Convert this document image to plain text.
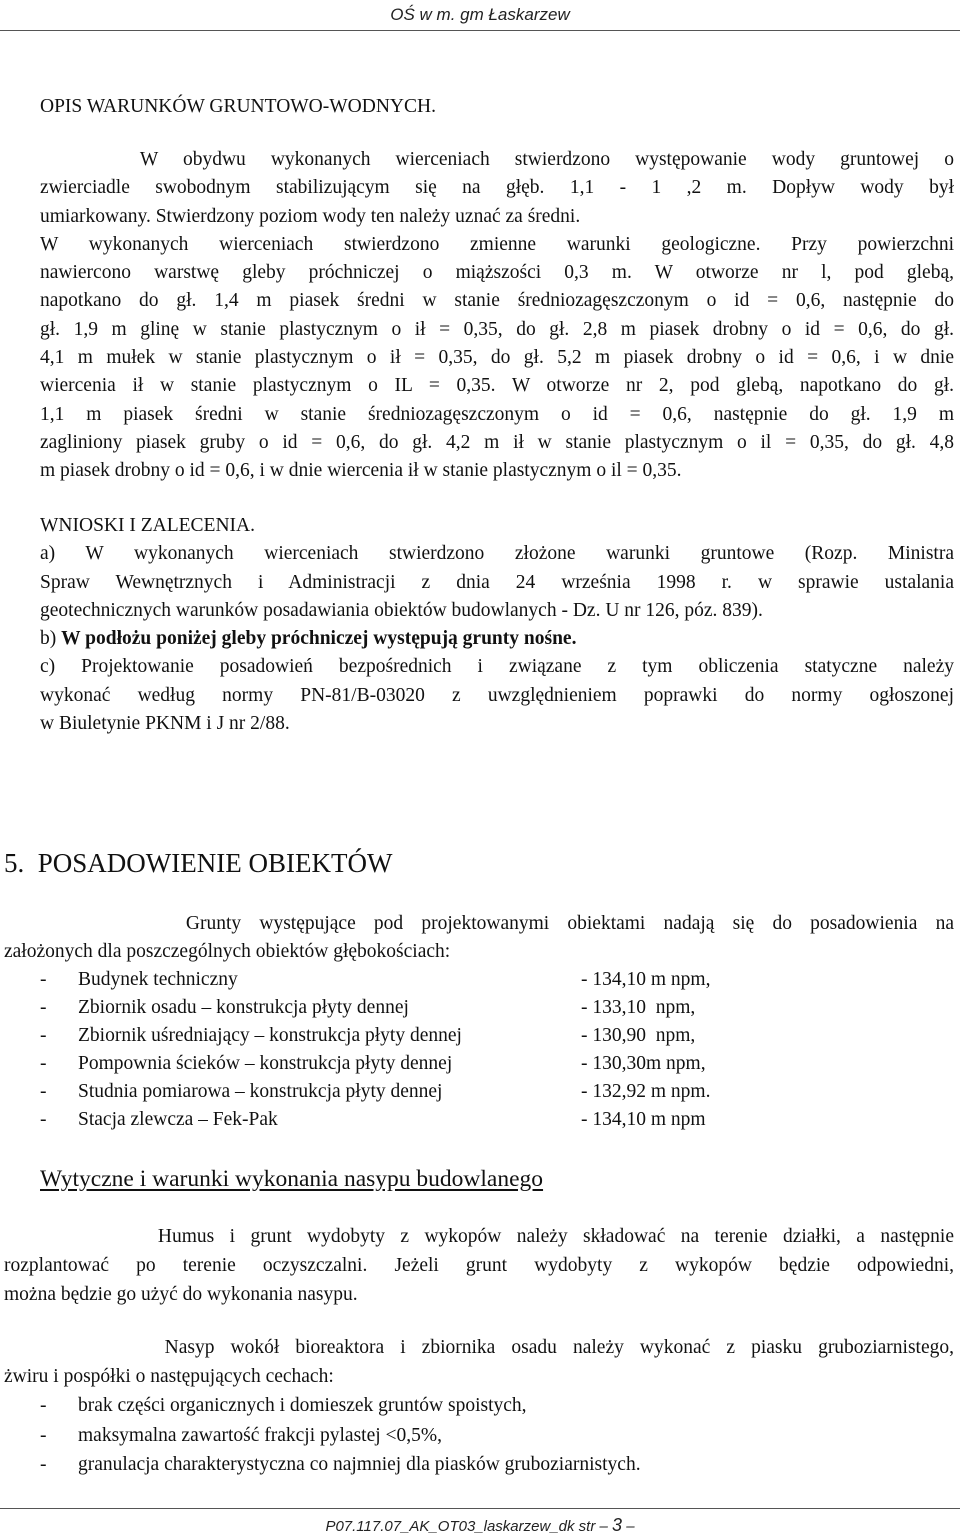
OŚ w m. gm Łaskarzew
OPIS WARUNKÓW GRUNTOWO-WODNYCH.
W obydwu wykonanych wierceniach stwierdzono występowanie wody gruntowej o
zwierciadle swobodnym stabilizującym się na głęb. 1,1 - 1 ,2 m. Dopływ wody był
umiarkowany. Stwierdzony poziom wody ten należy uznać za średni.
W wykonanych wierceniach stwierdzono zmienne warunki geologiczne. Przy powierzchni
nawiercono warstwę gleby próchniczej o miąższości 0,3 m. W otworze nr l, pod glebą,
napotkano do gł. 1,4 m piasek średni w stanie średniozagęszczonym o id = 0,6, następnie do
gł. 1,9 m glinę w stanie plastycznym o ił = 0,35, do gł. 2,8 m piasek drobny o id = 0,6, do gł.
4,1 m mułek w stanie plastycznym o ił = 0,35, do gł. 5,2 m piasek drobny o id = 0,6, i w dnie
wiercenia ił w stanie plastycznym o IL = 0,35. W otworze nr 2, pod glebą, napotkano do gł.
1,1 m piasek średni w stanie średniozagęszczonym o id = 0,6, następnie do gł. 1,9 m
zagliniony piasek gruby o id = 0,6, do gł. 4,2 m ił w stanie plastycznym o il = 0,35, do gł. 4,8
m piasek drobny o id = 0,6, i w dnie wiercenia ił w stanie plastycznym o il = 0,35.
WNIOSKI I ZALECENIA.
a) W wykonanych wierceniach stwierdzono złożone warunki gruntowe (Rozp. Ministra
Spraw Wewnętrznych i Administracji z dnia 24 września 1998 r. w sprawie ustalania
geotechnicznych warunków posadawiania obiektów budowlanych - Dz. U nr 126, póz. 839).
b) W podłożu poniżej gleby próchniczej występują grunty nośne.
c) Projektowanie posadowień bezpośrednich i związane z tym obliczenia statyczne należy
wykonać według normy PN-81/B-03020 z uwzględnieniem poprawki do normy ogłoszonej
w Biuletynie PKNM i J nr 2/88.
5. POSADOWIENIE OBIEKTÓW
Grunty występujące pod projektowanymi obiektami nadają się do posadowienia na
założonych dla poszczególnych obiektów głębokościach:
- Budynek techniczny	- 134,10 m npm,
- Zbiornik osadu – konstrukcja płyty dennej	- 133,10  npm,
- Zbiornik uśredniający – konstrukcja płyty dennej	- 130,90  npm,
- Pompownia ścieków – konstrukcja płyty dennej	- 130,30m npm,
- Studnia pomiarowa – konstrukcja płyty dennej	- 132,92 m npm.
- Stacja zlewcza – Fek-Pak	- 134,10 m npm
Wytyczne i warunki wykonania nasypu budowlanego
Humus i grunt wydobyty z wykopów należy składować na terenie działki, a następnie
rozplantować po terenie oczyszczalni. Jeżeli grunt wydobyty z wykopów będzie odpowiedni,
można będzie go użyć do wykonania nasypu.
Nasyp wokół bioreaktora i zbiornika osadu należy wykonać z piasku gruboziarnistego,
żwiru i pospółki o następujących cechach:
- brak części organicznych i domieszek gruntów spoistych,
- maksymalna zawartość frakcji pylastej <0,5%,
- granulacja charakterystyczna co najmniej dla piasków gruboziarnistych.
P07.117.07_AK_OT03_laskarzew_dk str – 3 –
